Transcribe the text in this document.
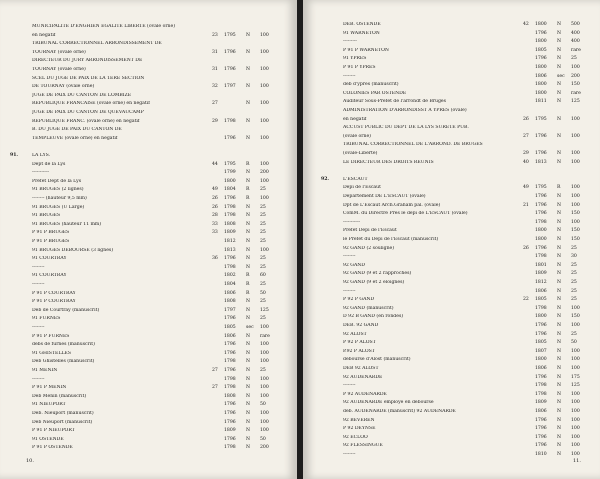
MUNICIPALITE D'ENGHIEN EGALITE LIBERTE (ovale orné)
en négatif	23 1795 N 100
TRIBUNAL CORRECTIONNEL ARRONDISSEMENT DE
TOURNAY (ovale orné)	31 1796 N 100
DIRECTEUR DU JURY ARRONDISSEMENT DE
TOURNAY (ovale orné)	31 1796 N 100
SCEL DU JUGE DE PAIX DE LA 1ERE SECTION
DE TOURNAY (ovale orné)	32 1797 N 100
JUGE DE PAIX DU CANTON DE LOMBIZE
REPUBLIQUE FRANCAISE (ovale orné) en négatif	27	N 100
JUGE DE PAIX DU CANTON DE QUEVAUCAMP
REPUBLIQUE FRANC. (ovale orné) en négatif	29 1798 N 100
B. DU JUGE DE PAIX DU CANTON DE
TEMPLEUVE (ovale orné) en négatif	1796 N 100
91.	LA LYS.
Dépt de la Lys	44 1795 R 100
-----------	1799 N 200
Préfet Dépt de la Lys	1800 N 100
91 BRUGES (2 lignes)	49 1804 R 25
-------- (hauteur 9,5 mm)	26 1796 R 100
91 BRUGES (U Large)	26 1798 N 25
91 BRUGES	28 1798 N 25
91 BRUGES (hauteur 11 mm)	33 1808 N 25
P 91 P BRUGES	33 1809 N 25
P 91 P BRUGES	1812 N 25
91 BRUGES DEBOURSE (3 lignes)	1813 N 100
91 COURTRAY	36 1796 N 25
--------	1798 N 25
91 COURTRAY	1802 R 60
--------	1804 R 25
P 91 P COURTRAY	1806 R 50
P 91 P COURTRAY	1808 N 25
Deb de Courtray (manuscrit)	1797 N 125
91 FURNES	1796 N 25
--------	1805 sec 100
P 91 P FURNES	1806 N rare
debs de furnes (manuscrit)	1796 N 100
91 GHISTELLES	1796 N 100
Deb Ghistelles (manuscrit)	1798 N 100
91 MENIN	27 1796 N 25
--------	1798 N 100
P 91 P MENIN	27 1798 N 100
Deb Menin (manuscrit)	1808 N 100
91 NIEUPORT	1796 N 50
Deb. Nieuport (manuscrit)	1796 N 100
Deb Nieuport (manuscrit)	1796 N 100
P 91 P NIEUPORT	1809 N 100
91 OSTENDE	1796 N 50
P 91 P OSTENDE	1798 N 200
10.
DEB. OSTENDE	42 1800 N 500
91 WARNETON	1796 N 400
---------	1800 N 400
P 91 P WARNETON	1805 N rare
91 YPRES	1796 N 25
P 91 P YPRES	1800 N 100
--------	1806 sec 200
deb d'ypres (manuscrit)	1800 N 150
COLONIES PAR OSTENDE	1800 N rare
Auditeur Sous-Préfet de l'arrondt de Bruges	1811 N 125
ADMINISTRATION D'ARRONDISST A YPRES (ovale)
en négatif	26 1795 N 100
ACCUST PUBLIC DU DEPT DE LA LYS SURETE PUB.
(ovale orné)	27 1796 N 100
TRIBUNAL CORRECTIONNEL DE L'ARROND. DE BRUGES
(ovale-Liberté)	29 1796 N 100
LE DIRECTEUR DES DROITS REUNIS	40 1813 N 100
92.	L'ESCAUT
Depi de l'Escaut	49 1795 R 100
Département DE L'ESCAUT (ovale)	1796 N 100
Dpt de L'Escaut Arch.Graham pal. (ovale)	21 1796 N 100
ComM. du Directre Près le dépi de L'ESCAUT (ovale)	1796 N 150
-----------	1798 N 100
Préfet Dépi de l'Escaut	1800 N 150
le Préfet du Dépi de l'Escaut (manuscrit)	1800 N 150
92 GAND (2 souligné)	26 1796 N 25
--------	1798 N 30
92 GAND	1801 N 25
92 GAND (9 et 2 rapprochés)	1809 N 25
92 GAND (9 et 2 éloignés)	1812 N 25
--------	1806 N 25
P 92 P GAND	22 1805 N 25
92 GAND (manuscrit)	1798 N 100
D 92 B GAND (en rondes)	1800 N 150
DEB. 92 GAND	1796 N 100
92 ALOST	1796 N 25
P 92 P ALOST	1805 N 50
P.92 P ALOST	1807 N 100
déboursé d'Alost (manuscrit)	1800 N 100
DEB 92 ALOST	1806 N 100
92 AUDENARDE	1796 N 175
--------	1798 N 125
P 92 AUDENARDE	1798 N 100
92 AUDENARDE employé en déboursé	1809 N 100
déb. AUDENARDE (manuscrit) 92 AUDENARDE	1806 N 100
92 BEVEREN	1796 N 100
P 92 DEYNSE	1796 N 100
92 ECLOO	1796 N 100
92 FLESSINGUE	1796 N 100
--------	1810 N 100
11.
